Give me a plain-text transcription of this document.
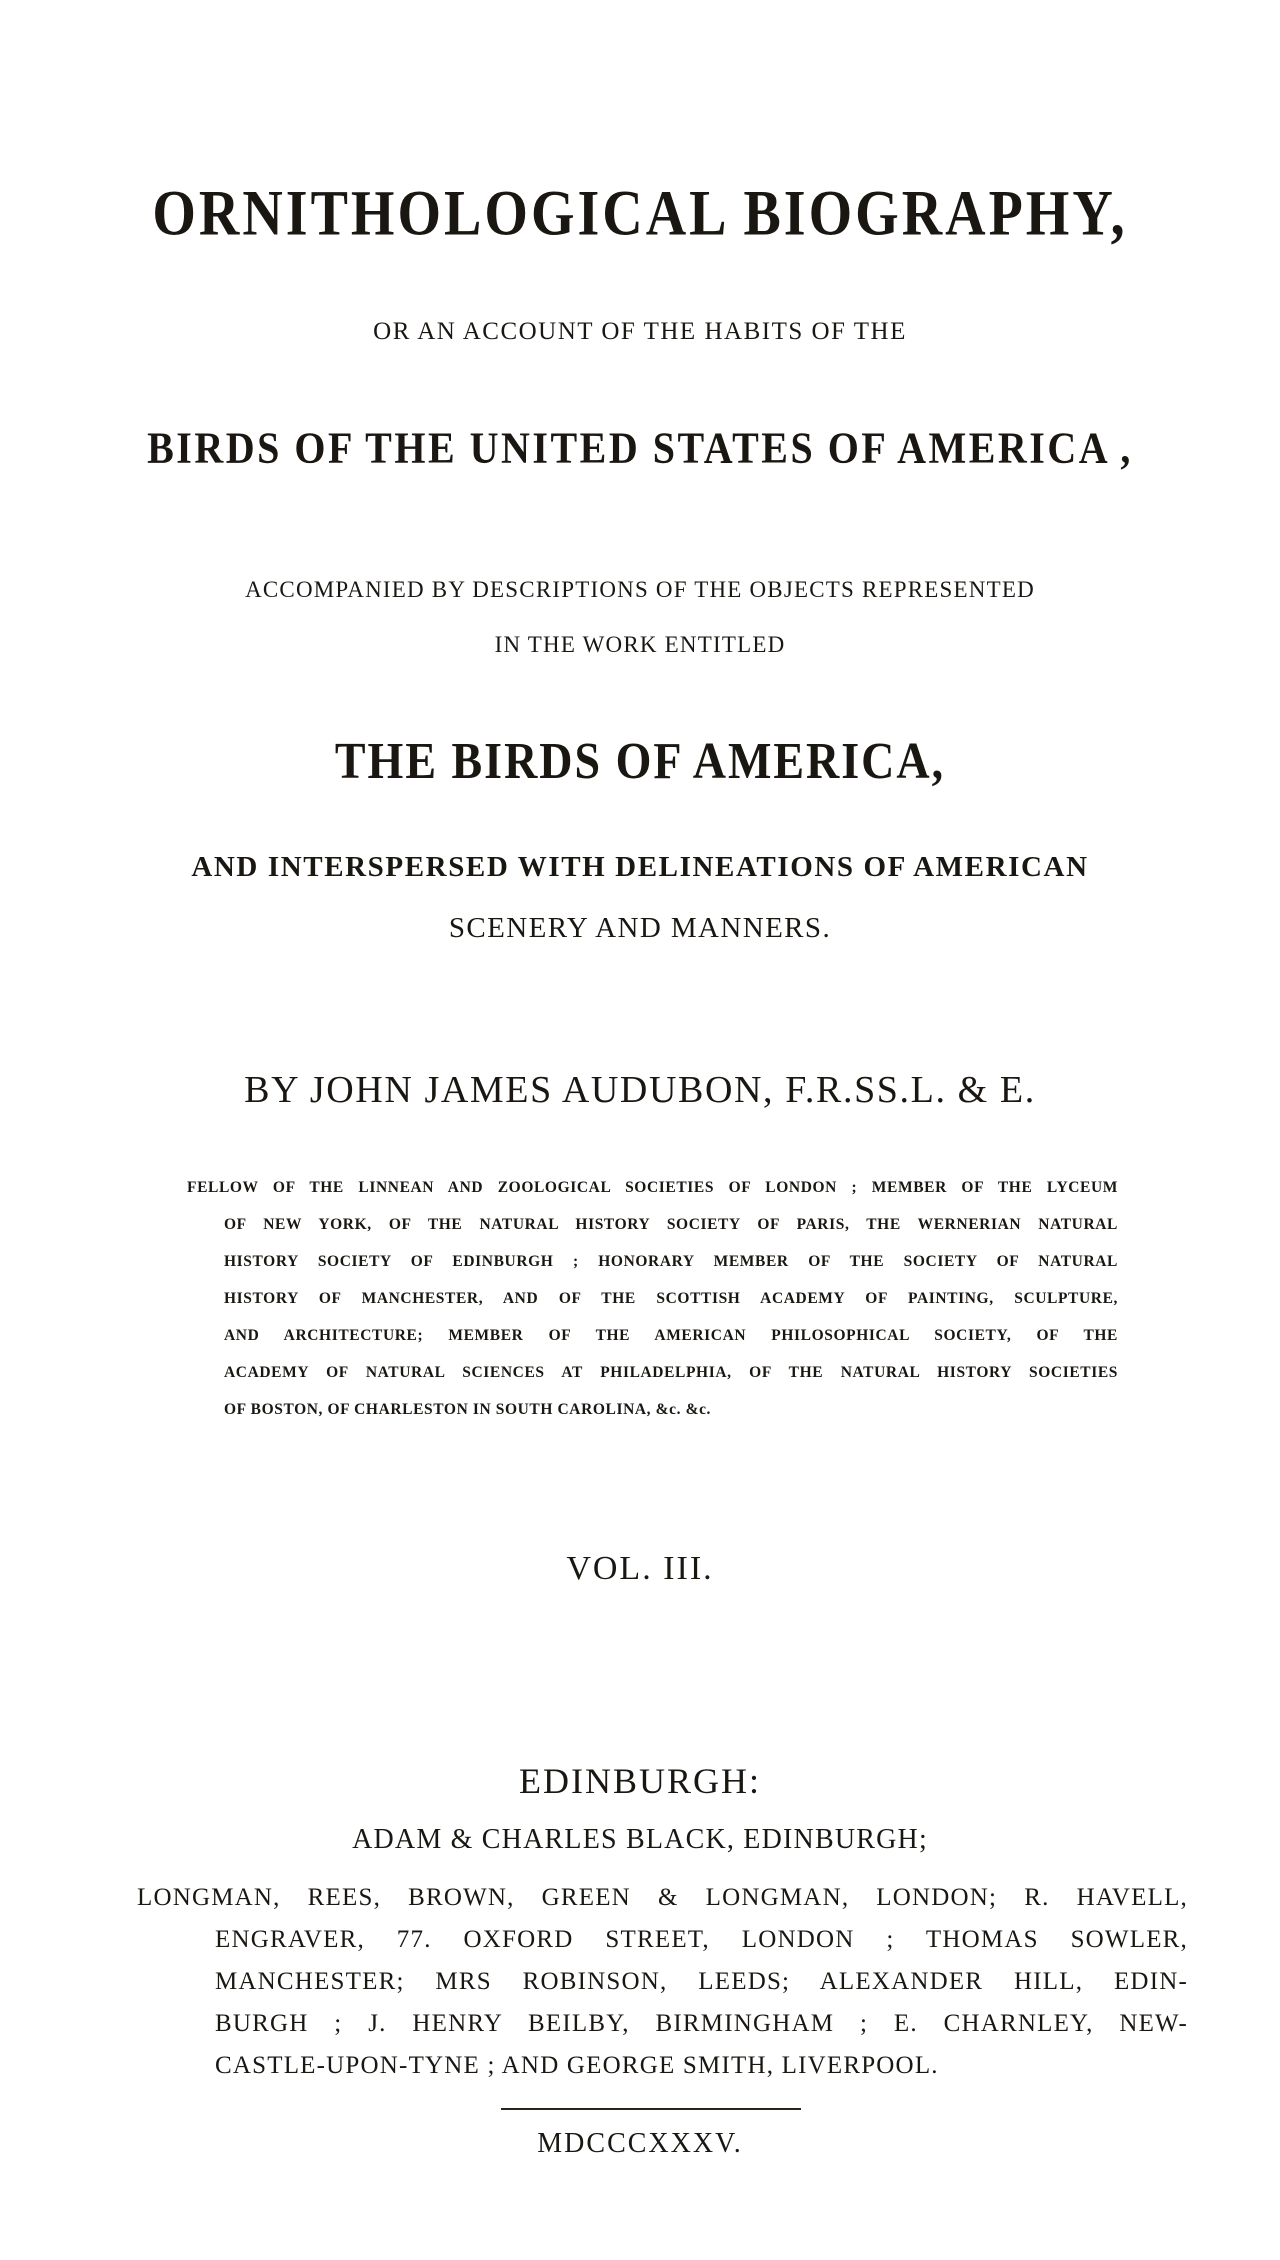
ORNITHOLOGICAL BIOGRAPHY,

OR AN ACCOUNT OF THE HABITS OF THE

BIRDS OF THE UNITED STATES OF AMERICA ,

ACCOMPANIED BY DESCRIPTIONS OF THE OBJECTS REPRESENTED

IN THE WORK ENTITLED

THE BIRDS OF AMERICA,

AND INTERSPERSED WITH DELINEATIONS OF AMERICAN

SCENERY AND MANNERS.

BY JOHN JAMES AUDUBON, F.R.SS.L. & E.

FELLOW OF THE LINNEAN AND ZOOLOGICAL SOCIETIES OF LONDON ; MEMBER OF THE LYCEUM

OF NEW YORK, OF THE NATURAL HISTORY SOCIETY OF PARIS, THE WERNERIAN NATURAL

HISTORY SOCIETY OF EDINBURGH ; HONORARY MEMBER OF THE SOCIETY OF NATURAL

HISTORY OF MANCHESTER, AND OF THE SCOTTISH ACADEMY OF PAINTING, SCULPTURE,

AND ARCHITECTURE; MEMBER OF THE AMERICAN PHILOSOPHICAL SOCIETY, OF THE

ACADEMY OF NATURAL SCIENCES AT PHILADELPHIA, OF THE NATURAL HISTORY SOCIETIES

OF BOSTON, OF CHARLESTON IN SOUTH CAROLINA, &c. &c.

VOL. III.

EDINBURGH:

ADAM & CHARLES BLACK, EDINBURGH;

LONGMAN, REES, BROWN, GREEN & LONGMAN, LONDON; R. HAVELL,

ENGRAVER, 77. OXFORD STREET, LONDON ; THOMAS SOWLER,

MANCHESTER; MRS ROBINSON, LEEDS; ALEXANDER HILL, EDIN-

BURGH ; J. HENRY BEILBY, BIRMINGHAM ; E. CHARNLEY, NEW-

CASTLE-UPON-TYNE ; AND GEORGE SMITH, LIVERPOOL.

MDCCCXXXV.
